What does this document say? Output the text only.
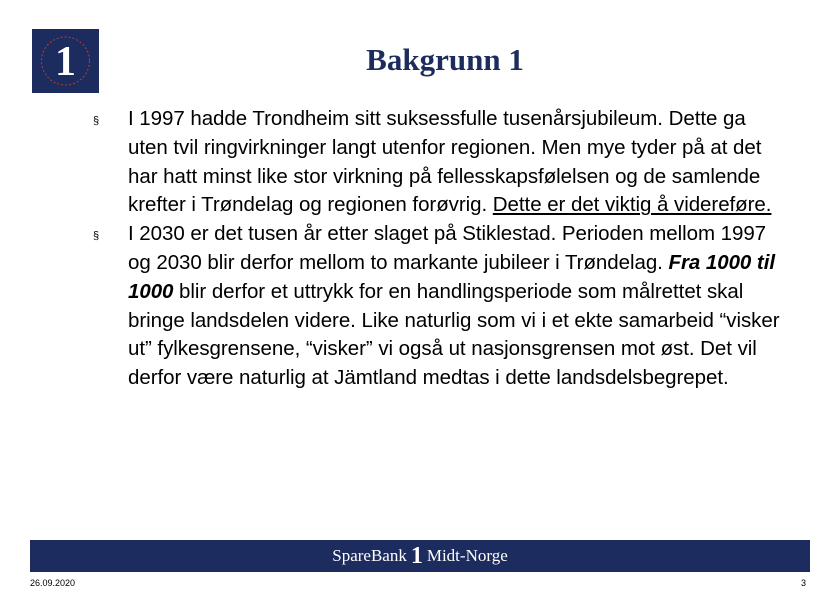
1	Bakgrunn 1
§	I 1997 hadde Trondheim sitt suksessfulle tusenårsjubileum. Dette ga uten tvil ringvirkninger langt utenfor regionen. Men mye tyder på at det har hatt minst like stor virkning på fellesskapsfølelsen og de samlende krefter i Trøndelag og regionen forøvrig. Dette er det viktig å videreføre.
§	I 2030 er det tusen år etter slaget på Stiklestad. Perioden mellom 1997 og 2030 blir derfor mellom to markante jubileer i Trøndelag. Fra 1000 til 1000 blir derfor et uttrykk for en handlingsperiode som målrettet skal bringe landsdelen videre. Like naturlig som vi i et ekte samarbeid “visker ut” fylkesgrensene, “visker” vi også ut nasjonsgrensen mot øst. Det vil derfor være naturlig at Jämtland medtas i dette landsdelsbegrepet.
SpareBank 1 Midt-Norge
26.09.2020	3
